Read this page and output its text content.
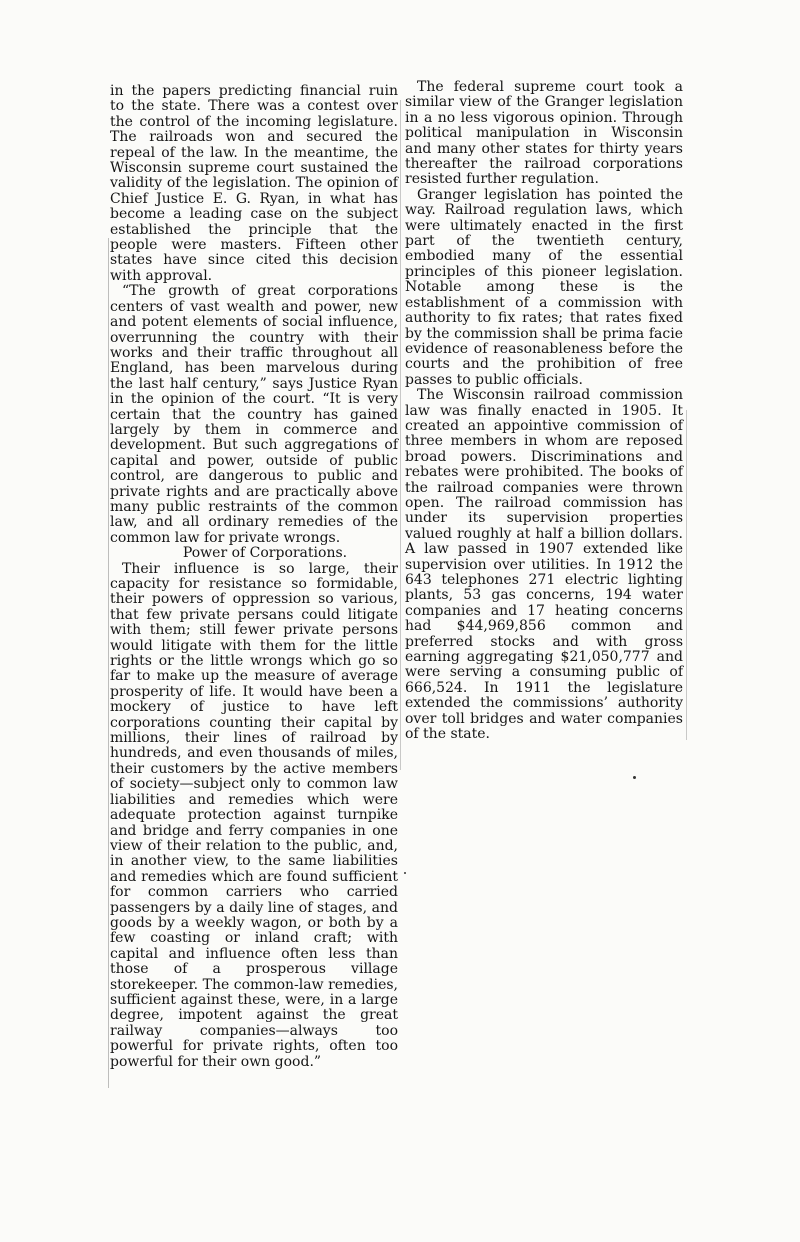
in the papers predicting financial ruin to the state. There was a contest over the control of the incoming legislature. The railroads won and secured the repeal of the law. In the meantime, the Wisconsin supreme court sustained the validity of the legislation. The opinion of Chief Justice E. G. Ryan, in what has become a leading case on the subject established the principle that the people were masters. Fifteen other states have since cited this decision with approval.

“The growth of great corporations centers of vast wealth and power, new and potent elements of social influence, overrunning the country with their works and their traffic throughout all England, has been marvelous during the last half century,” says Justice Ryan in the opinion of the court. “It is very certain that the country has gained largely by them in commerce and development. But such aggregations of capital and power, outside of public control, are dangerous to public and private rights and are practically above many public restraints of the common law, and all ordinary remedies of the common law for private wrongs.

Power of Corporations.

Their influence is so large, their capacity for resistance so formidable, their powers of oppression so various, that few private persans could litigate with them; still fewer private persons would litigate with them for the little rights or the little wrongs which go so far to make up the measure of average prosperity of life. It would have been a mockery of justice to have left corporations counting their capital by millions, their lines of railroad by hundreds, and even thousands of miles, their customers by the active members of society—subject only to common law liabilities and remedies which were adequate protection against turnpike and bridge and ferry companies in one view of their relation to the public, and, in another view, to the same liabilities and remedies which are found sufficient for common carriers who carried passengers by a daily line of stages, and goods by a weekly wagon, or both by a few coasting or inland craft; with capital and influence often less than those of a prosperous village storekeeper. The common-law remedies, sufficient against these, were, in a large degree, impotent against the great railway companies—always too powerful for private rights, often too powerful for their own good.”

The federal supreme court took a similar view of the Granger legislation in a no less vigorous opinion. Through political manipulation in Wisconsin and many other states for thirty years thereafter the railroad corporations resisted further regulation.

Granger legislation has pointed the way. Railroad regulation laws, which were ultimately enacted in the first part of the twentieth century, embodied many of the essential principles of this pioneer legislation. Notable among these is the establishment of a commission with authority to fix rates; that rates fixed by the commission shall be prima facie evidence of reasonableness before the courts and the prohibition of free passes to public officials.

The Wisconsin railroad commission law was finally enacted in 1905. It created an appointive commission of three members in whom are reposed broad powers. Discriminations and rebates were prohibited. The books of the railroad companies were thrown open. The railroad commission has under its supervision properties valued roughly at half a billion dollars. A law passed in 1907 extended like supervision over utilities. In 1912 the 643 telephones 271 electric lighting plants, 53 gas concerns, 194 water companies and 17 heating concerns had $44,969,856 common and preferred stocks and with gross earning aggregating $21,050,777 and were serving a consuming public of 666,524. In 1911 the legislature extended the commissions’ authority over toll bridges and water companies of the state.
